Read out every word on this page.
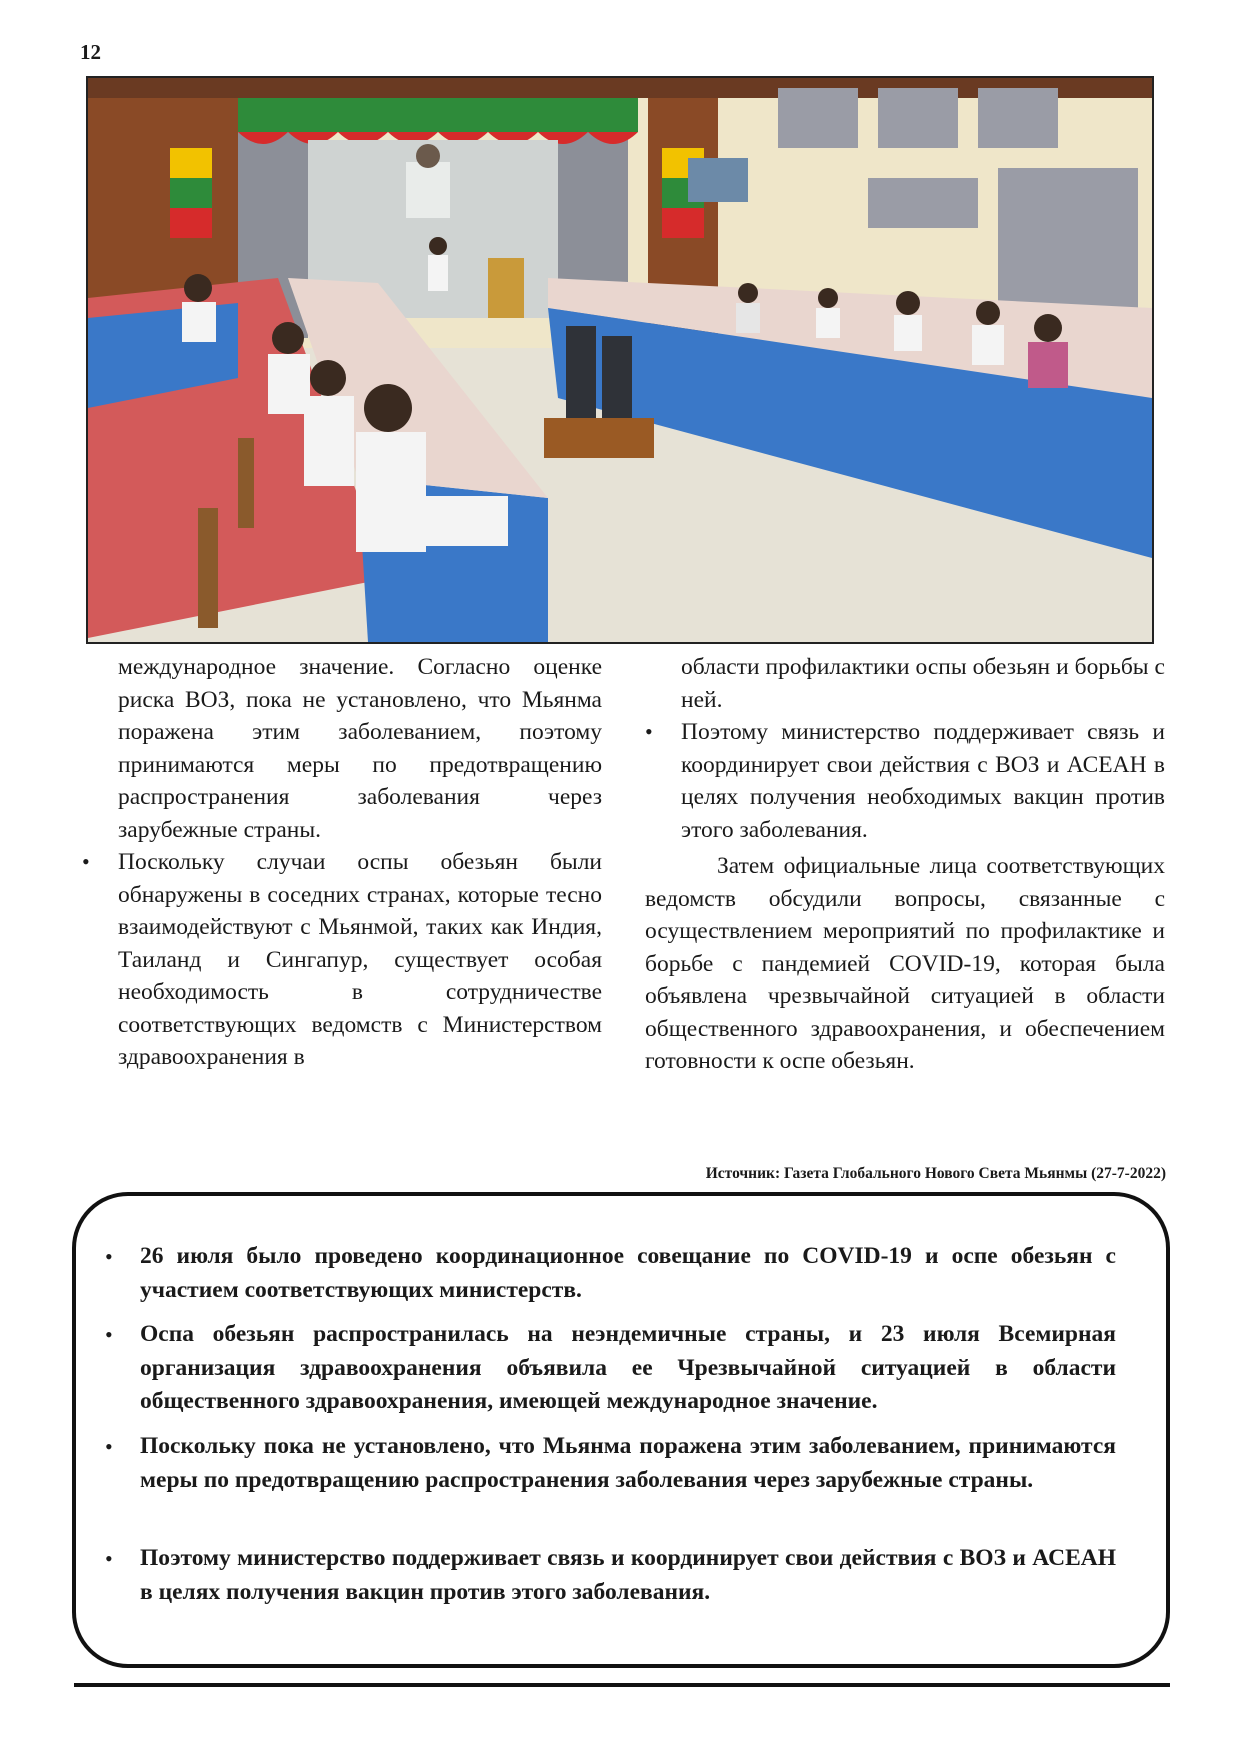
12

международное значение. Согласно оценке риска ВОЗ, пока не установлено, что Мьянма поражена этим заболеванием, поэтому принимаются меры по предотвращению распространения заболевания через зарубежные страны.

• Поскольку случаи оспы обезьян были обнаружены в соседних странах, которые тесно взаимодействуют с Мьянмой, таких как Индия, Таиланд и Сингапур, существует особая необходимость в сотрудничестве соответствующих ведомств с Министерством здравоохранения в

области профилактики оспы обезьян и борьбы с ней.

• Поэтому министерство поддерживает связь и координирует свои действия с ВОЗ и АСЕАН в целях получения необходимых вакцин против этого заболевания.

Затем официальные лица соответствующих ведомств обсудили вопросы, связанные с осуществлением мероприятий по профилактике и борьбе с пандемией COVID-19, которая была объявлена чрезвычайной ситуацией в области общественного здравоохранения, и обеспечением готовности к оспе обезьян.

Источник: Газета Глобального Нового Света Мьянмы (27-7-2022)
• 26 июля было проведено координационное совещание по COVID-19 и оспе обезьян с участием соответствующих министерств.
• Оспа обезьян распространилась на неэндемичные страны, и 23 июля Всемирная организация здравоохранения объявила ее Чрезвычайной ситуацией в области общественного здравоохранения, имеющей международное значение.
• Поскольку пока не установлено, что Мьянма поражена этим заболеванием, принимаются меры по предотвращению распространения заболевания через зарубежные страны.
• Поэтому министерство поддерживает связь и координирует свои действия с ВОЗ и АСЕАН в целях получения вакцин против этого заболевания.
